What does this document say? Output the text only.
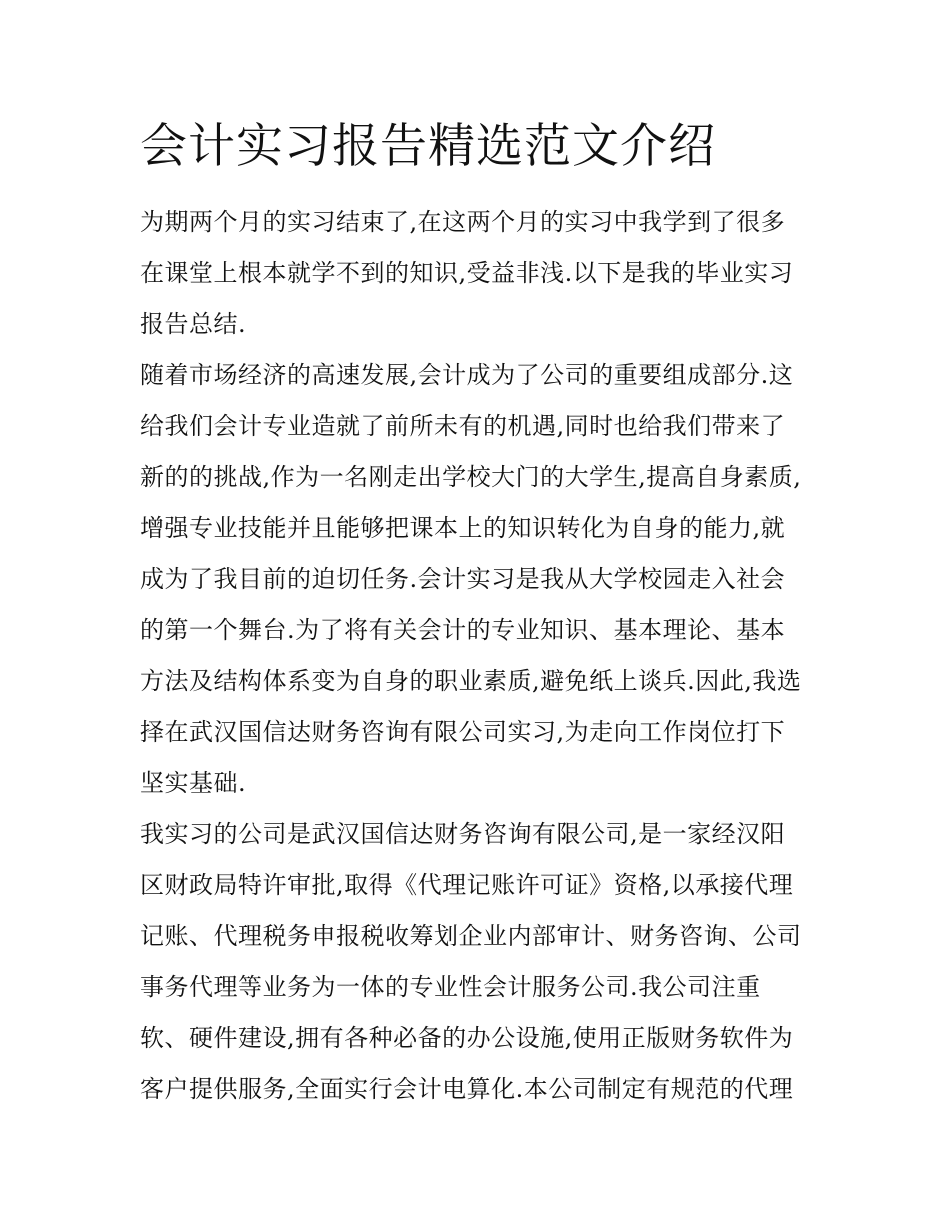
会计实习报告精选范文介绍
为期两个月的实习结束了,在这两个月的实习中我学到了很多
在课堂上根本就学不到的知识,受益非浅.以下是我的毕业实习
报告总结.
随着市场经济的高速发展,会计成为了公司的重要组成部分.这
给我们会计专业造就了前所未有的机遇,同时也给我们带来了
新的的挑战,作为一名刚走出学校大门的大学生,提高自身素质,
增强专业技能并且能够把课本上的知识转化为自身的能力,就
成为了我目前的迫切任务.会计实习是我从大学校园走入社会
的第一个舞台.为了将有关会计的专业知识、基本理论、基本
方法及结构体系变为自身的职业素质,避免纸上谈兵.因此,我选
择在武汉国信达财务咨询有限公司实习,为走向工作岗位打下
坚实基础.
我实习的公司是武汉国信达财务咨询有限公司,是一家经汉阳
区财政局特许审批,取得《代理记账许可证》资格,以承接代理
记账、代理税务申报税收筹划企业内部审计、财务咨询、公司
事务代理等业务为一体的专业性会计服务公司.我公司注重
软、硬件建设,拥有各种必备的办公设施,使用正版财务软件为
客户提供服务,全面实行会计电算化.本公司制定有规范的代理
